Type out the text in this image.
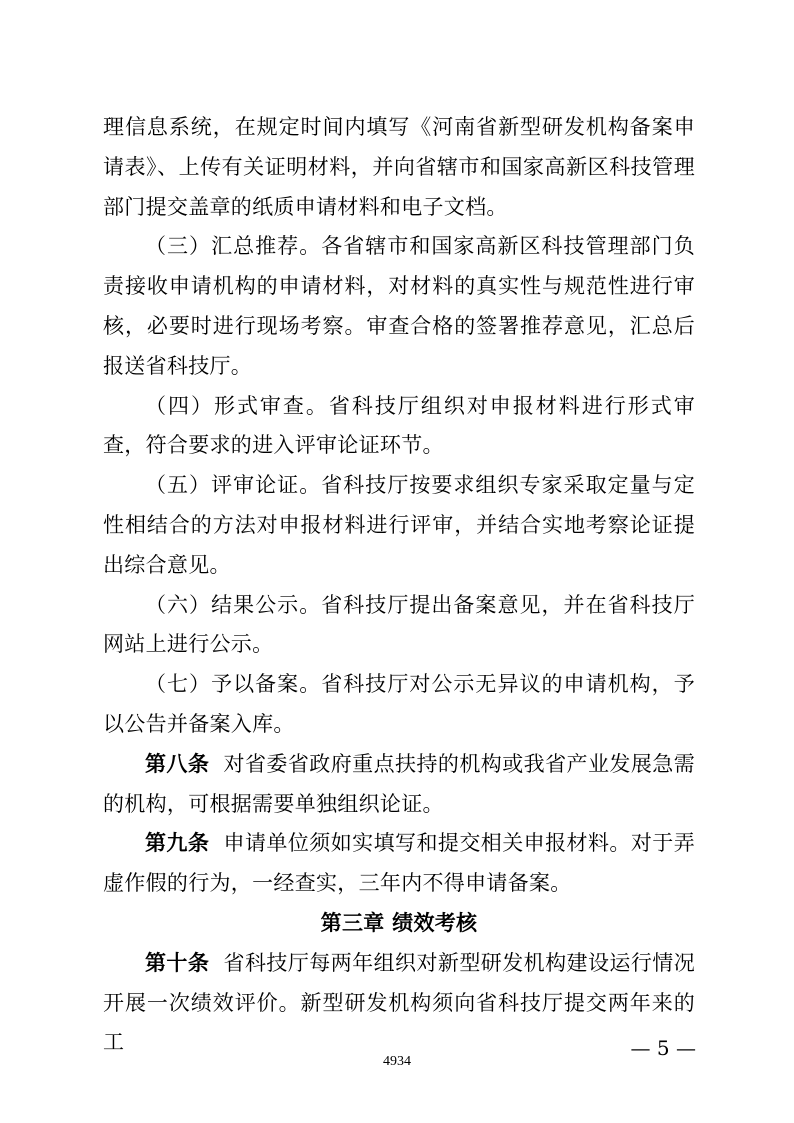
理信息系统，在规定时间内填写《河南省新型研发机构备案申请表》、上传有关证明材料，并向省辖市和国家高新区科技管理部门提交盖章的纸质申请材料和电子文档。

（三）汇总推荐。各省辖市和国家高新区科技管理部门负责接收申请机构的申请材料，对材料的真实性与规范性进行审核，必要时进行现场考察。审查合格的签署推荐意见，汇总后报送省科技厅。

（四）形式审查。省科技厅组织对申报材料进行形式审查，符合要求的进入评审论证环节。

（五）评审论证。省科技厅按要求组织专家采取定量与定性相结合的方法对申报材料进行评审，并结合实地考察论证提出综合意见。

（六）结果公示。省科技厅提出备案意见，并在省科技厅网站上进行公示。

（七）予以备案。省科技厅对公示无异议的申请机构，予以公告并备案入库。

第八条 对省委省政府重点扶持的机构或我省产业发展急需的机构，可根据需要单独组织论证。

第九条 申请单位须如实填写和提交相关申报材料。对于弄虚作假的行为，一经查实，三年内不得申请备案。

第三章 绩效考核

第十条 省科技厅每两年组织对新型研发机构建设运行情况开展一次绩效评价。新型研发机构须向省科技厅提交两年来的工	— 5 —
4934
